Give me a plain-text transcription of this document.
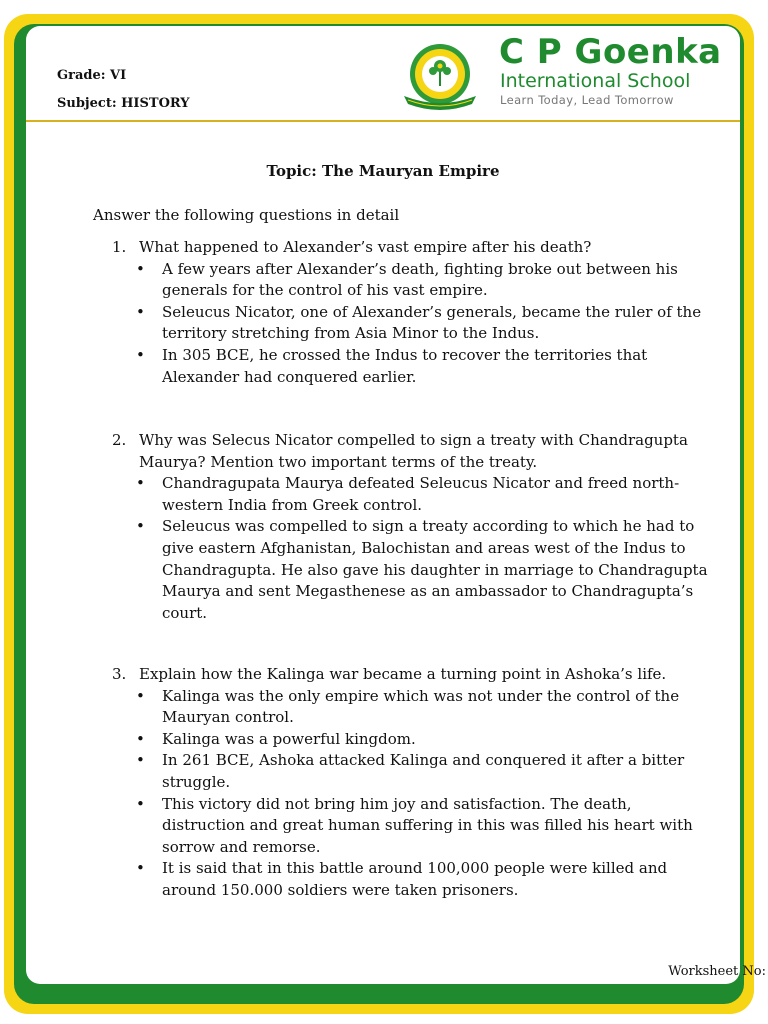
Grade: VI
Subject: HISTORY
C P Goenka
International School
Learn Today, Lead Tomorrow
Topic: The Mauryan Empire
Answer the following questions in detail
1. What happened to Alexander’s vast empire after his death?
• A few years after Alexander’s death, fighting broke out between his generals for the control of his vast empire.
• Seleucus Nicator, one of Alexander’s generals, became the ruler of the territory stretching from Asia Minor to the Indus.
• In 305 BCE, he crossed the Indus to recover the territories that Alexander had conquered earlier.
2. Why was Selecus Nicator compelled to sign a treaty with Chandragupta Maurya? Mention two important terms of the treaty.
• Chandragupata Maurya defeated Seleucus Nicator and freed north-western India from Greek control.
• Seleucus was compelled to sign a treaty according to which he had to give eastern Afghanistan, Balochistan and areas west of the Indus to Chandragupta. He also gave his daughter in marriage to Chandragupta Maurya and sent Megasthenese as an ambassador to Chandragupta’s court.
3. Explain how the Kalinga war became a turning point in Ashoka’s life.
• Kalinga was the only empire which was not under the control of the Mauryan control.
• Kalinga was a powerful kingdom.
• In 261 BCE, Ashoka attacked Kalinga and conquered it after a bitter struggle.
• This victory did not bring him joy and satisfaction. The death, distruction and great human suffering in this was filled his heart with sorrow and remorse.
• It is said that in this battle around 100,000 people were killed and around 150.000 soldiers were taken prisoners.
Worksheet No:
